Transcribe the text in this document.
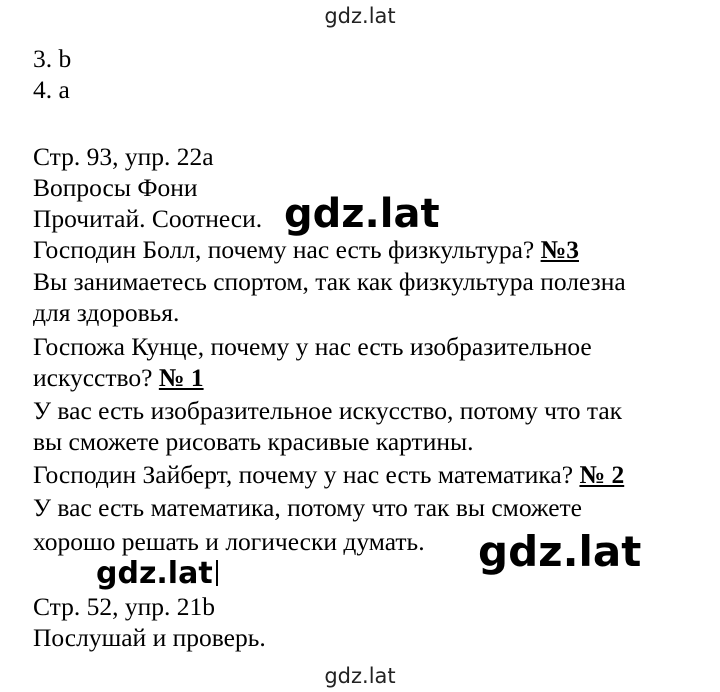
gdz.lat
3. b
4. a
Стр. 93, упр. 22а
Вопросы Фони
Прочитай. Соотнеси.
Господин Болл, почему нас есть физкультура? №3
Вы занимаетесь спортом, так как физкультура полезна
для здоровья.
Госпожа Кунце, почему у нас есть изобразительное
искусство? № 1
У вас есть изобразительное искусство, потому что так
вы сможете рисовать красивые картины.
Господин Зайберт, почему у нас есть математика? № 2
У вас есть математика, потому что так вы сможете
хорошо решать и логически думать.
Стр. 52, упр. 21b
Послушай и проверь.
gdz.lat
gdz.lat
gdz.lat
gdz.lat
